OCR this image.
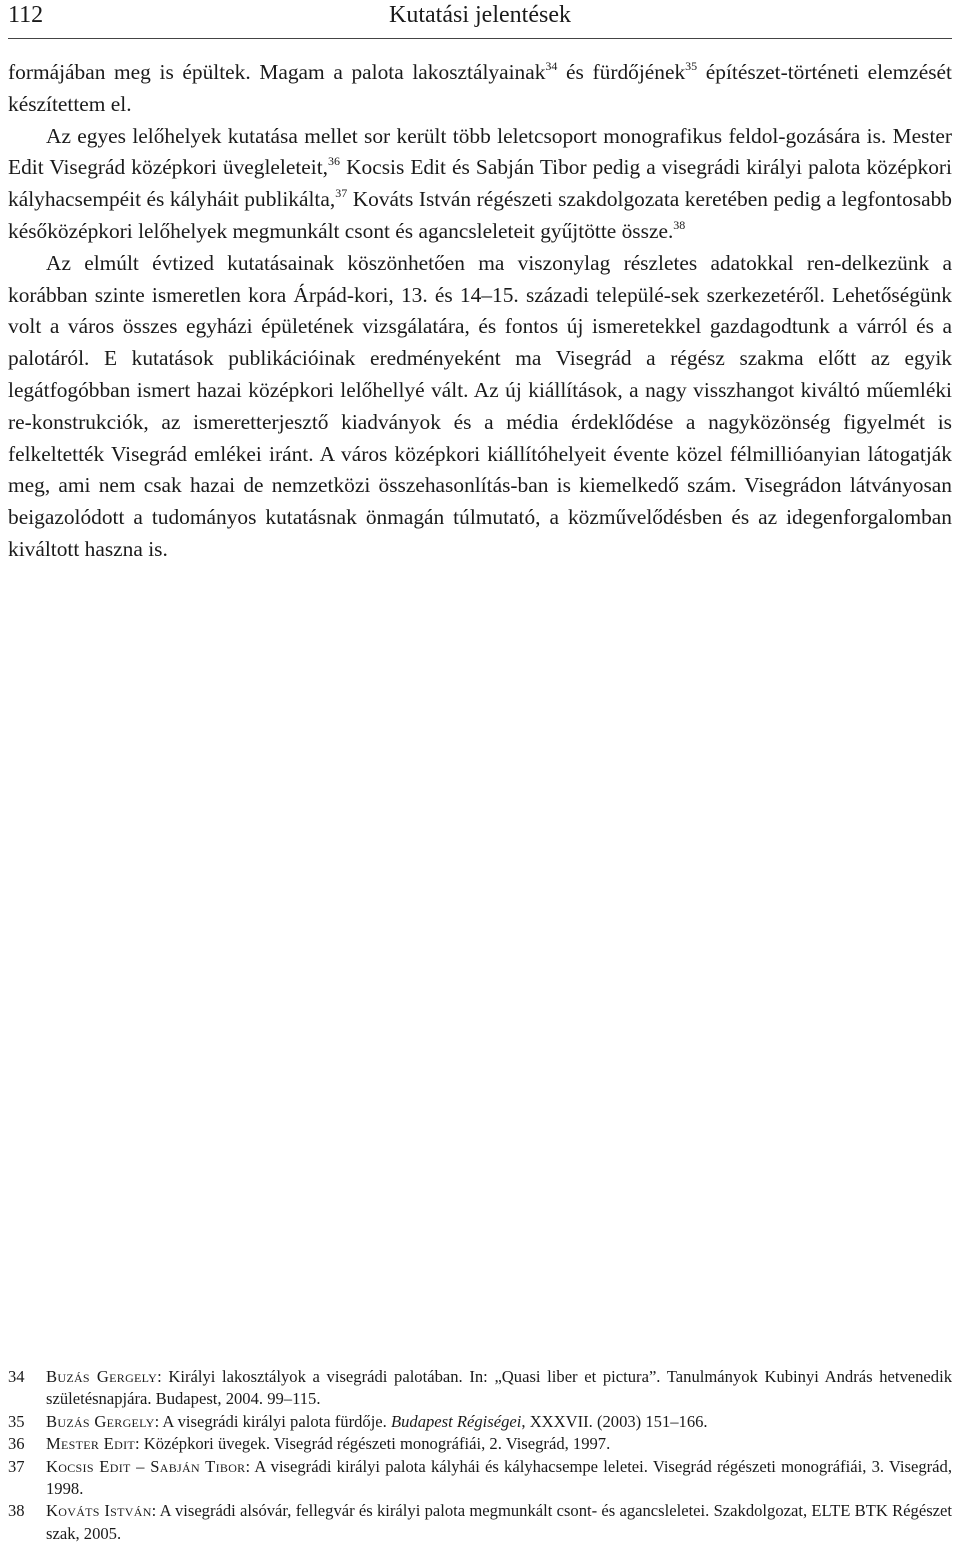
112	Kutatási jelentések

formájában meg is épültek. Magam a palota lakosztályainak$^{34}$ és fürdőjének$^{35}$ építészet-történeti elemzését készítettem el.

Az egyes lelőhelyek kutatása mellet sor került több leletcsoport monografikus feldol-gozására is. Mester Edit Visegrád középkori üvegleleteit,$^{36}$ Kocsis Edit és Sabján Tibor pedig a visegrádi királyi palota középkori kályhacsempéit és kályháit publikálta,$^{37}$ Kováts István régészeti szakdolgozata keretében pedig a legfontosabb későközépkori lelőhelyek megmunkált csont és agancsleleteit gyűjtötte össze.$^{38}$

Az elmúlt évtized kutatásainak köszönhetően ma viszonylag részletes adatokkal ren-delkezünk a korábban szinte ismeretlen kora Árpád-kori, 13. és 14–15. századi települé-sek szerkezetéről. Lehetőségünk volt a város összes egyházi épületének vizsgálatára, és fontos új ismeretekkel gazdagodtunk a várról és a palotáról. E kutatások publikációinak eredményeként ma Visegrád a régész szakma előtt az egyik legátfogóbban ismert hazai középkori lelőhellyé vált. Az új kiállítások, a nagy visszhangot kiváltó műemléki re-konstrukciók, az ismeretterjesztő kiadványok és a média érdeklődése a nagyközönség figyelmét is felkeltették Visegrád emlékei iránt. A város középkori kiállítóhelyeit évente közel félmillióanyian látogatják meg, ami nem csak hazai de nemzetközi összehasonlítás-ban is kiemelkedő szám. Visegrádon látványosan beigazolódott a tudományos kutatásnak önmagán túlmutató, a közművelődésben és az idegenforgalomban kiváltott haszna is.

34	Buzás Gergely: Királyi lakosztályok a visegrádi palotában. In: „Quasi liber et pictura”. Tanulmányok Kubinyi András hetvenedik születésnapjára. Budapest, 2004. 99–115.
35	Buzás Gergely: A visegrádi királyi palota fürdője. Budapest Régiségei, XXXVII. (2003) 151–166.
36	Mester Edit: Középkori üvegek. Visegrád régészeti monográfiái, 2. Visegrád, 1997.
37	Kocsis Edit – Sabján Tibor: A visegrádi királyi palota kályhái és kályhacsempe leletei. Visegrád régészeti monográfiái, 3. Visegrád, 1998.
38	Kováts István: A visegrádi alsóvár, fellegvár és királyi palota megmunkált csont- és agancsleletei. Szakdolgozat, ELTE BTK Régészet szak, 2005.
